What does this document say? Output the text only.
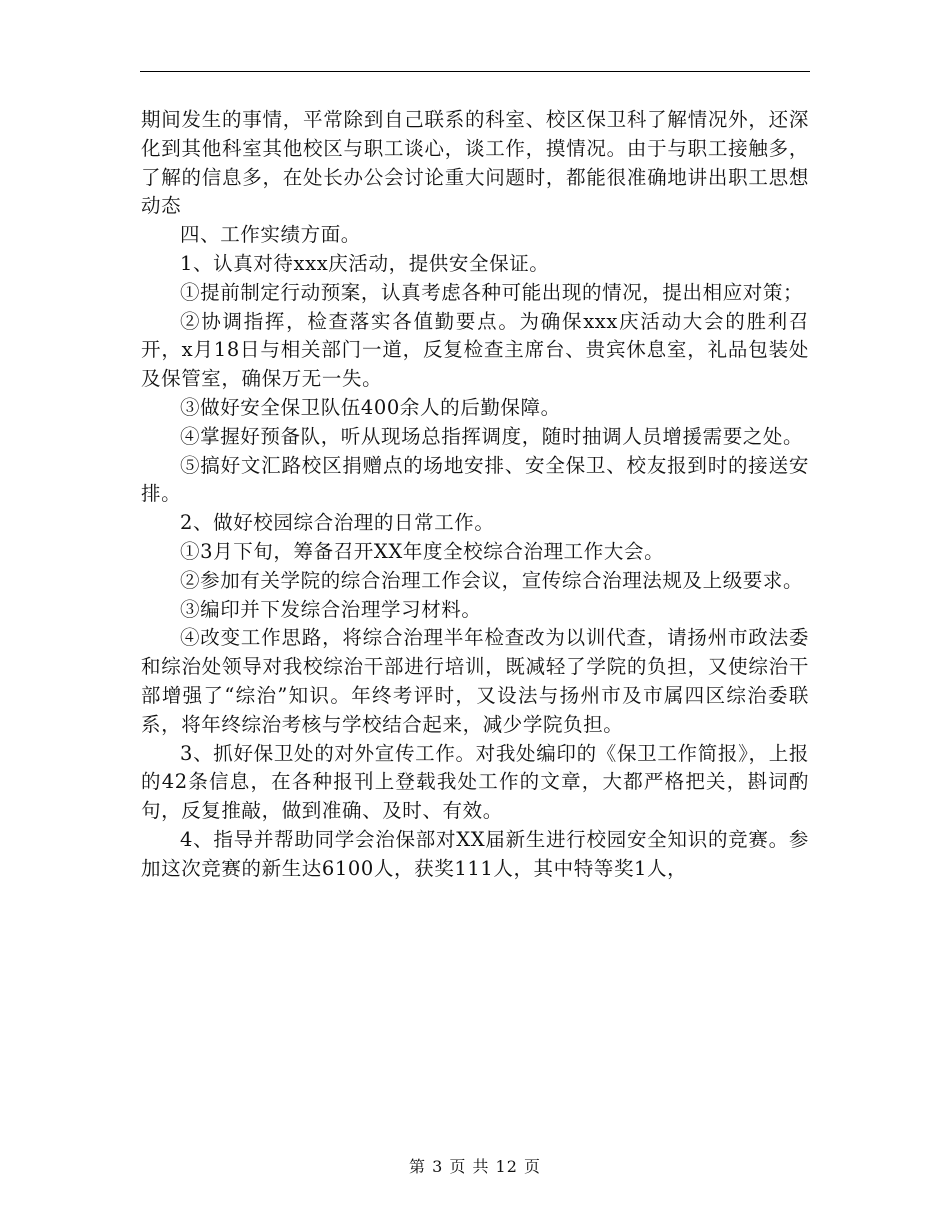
期间发生的事情，平常除到自己联系的科室、校区保卫科了解情况外，还深化到其他科室其他校区与职工谈心，谈工作，摸情况。由于与职工接触多，了解的信息多，在处长办公会讨论重大问题时，都能很准确地讲出职工思想动态

四、工作实绩方面。

1、认真对待xxx庆活动，提供安全保证。

①提前制定行动预案，认真考虑各种可能出现的情况，提出相应对策；

②协调指挥，检查落实各值勤要点。为确保xxx庆活动大会的胜利召开，x月18日与相关部门一道，反复检查主席台、贵宾休息室，礼品包装处及保管室，确保万无一失。

③做好安全保卫队伍400余人的后勤保障。

④掌握好预备队，听从现场总指挥调度，随时抽调人员增援需要之处。

⑤搞好文汇路校区捐赠点的场地安排、安全保卫、校友报到时的接送安排。

2、做好校园综合治理的日常工作。

①3月下旬，筹备召开XX年度全校综合治理工作大会。

②参加有关学院的综合治理工作会议，宣传综合治理法规及上级要求。

③编印并下发综合治理学习材料。

④改变工作思路，将综合治理半年检查改为以训代查，请扬州市政法委和综治处领导对我校综治干部进行培训，既减轻了学院的负担，又使综治干部增强了“综治”知识。年终考评时，又设法与扬州市及市属四区综治委联系，将年终综治考核与学校结合起来，减少学院负担。

3、抓好保卫处的对外宣传工作。对我处编印的《保卫工作简报》，上报的42条信息，在各种报刊上登载我处工作的文章，大都严格把关，斟词酌句，反复推敲，做到准确、及时、有效。

4、指导并帮助同学会治保部对XX届新生进行校园安全知识的竞赛。参加这次竞赛的新生达6100人，获奖111人，其中特等奖1人，

第 3 页 共 12 页
